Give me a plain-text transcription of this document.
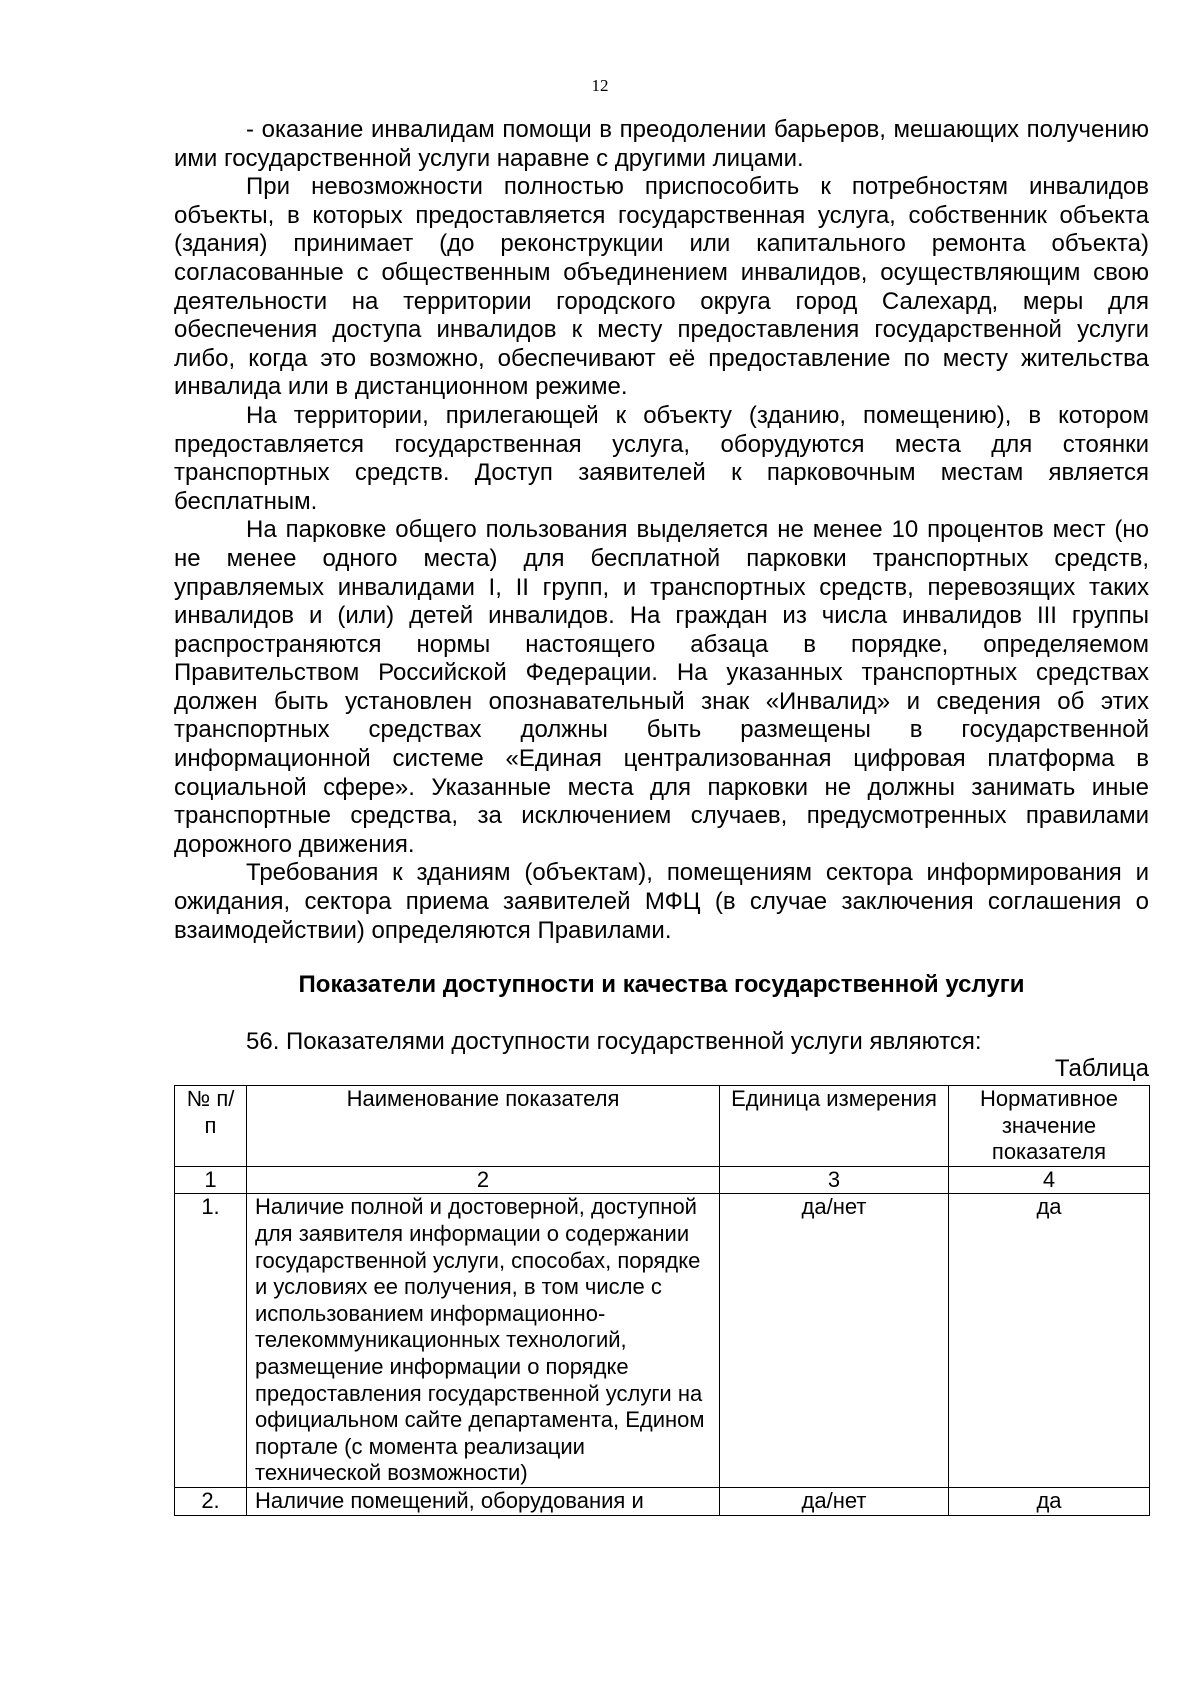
12

- оказание инвалидам помощи в преодолении барьеров, мешающих получению ими государственной услуги наравне с другими лицами.

При невозможности полностью приспособить к потребностям инвалидов объекты, в которых предоставляется государственная услуга, собственник объекта (здания) принимает (до реконструкции или капитального ремонта объекта) согласованные с общественным объединением инвалидов, осуществляющим свою деятельности на территории городского округа город Салехард, меры для обеспечения доступа инвалидов к месту предоставления государственной услуги либо, когда это возможно, обеспечивают её предоставление по месту жительства инвалида или в дистанционном режиме.

На территории, прилегающей к объекту (зданию, помещению), в котором предоставляется государственная услуга, оборудуются места для стоянки транспортных средств. Доступ заявителей к парковочным местам является бесплатным.

На парковке общего пользования выделяется не менее 10 процентов мест (но не менее одного места) для бесплатной парковки транспортных средств, управляемых инвалидами I, II групп, и транспортных средств, перевозящих таких инвалидов и (или) детей инвалидов. На граждан из числа инвалидов III группы распространяются нормы настоящего абзаца в порядке, определяемом Правительством Российской Федерации. На указанных транспортных средствах должен быть установлен опознавательный знак «Инвалид» и сведения об этих транспортных средствах должны быть размещены в государственной информационной системе «Единая централизованная цифровая платформа в социальной сфере». Указанные места для парковки не должны занимать иные транспортные средства, за исключением случаев, предусмотренных правилами дорожного движения.

Требования к зданиям (объектам), помещениям сектора информирования и ожидания, сектора приема заявителей МФЦ (в случае заключения соглашения о взаимодействии) определяются Правилами.

Показатели доступности и качества государственной услуги
56. Показателями доступности государственной услуги являются:
Таблица
№ п/п	Наименование показателя	Единица измерения	Нормативное значение показателя
1	2	3	4
1.	Наличие полной и достоверной, доступной для заявителя информации о содержании государственной услуги, способах, порядке и условиях ее получения, в том числе с использованием информационно-телекоммуникационных технологий, размещение информации о порядке предоставления государственной услуги на официальном сайте департамента, Едином портале (с момента реализации технической возможности)	да/нет	да
2.	Наличие помещений, оборудования и	да/нет	да
